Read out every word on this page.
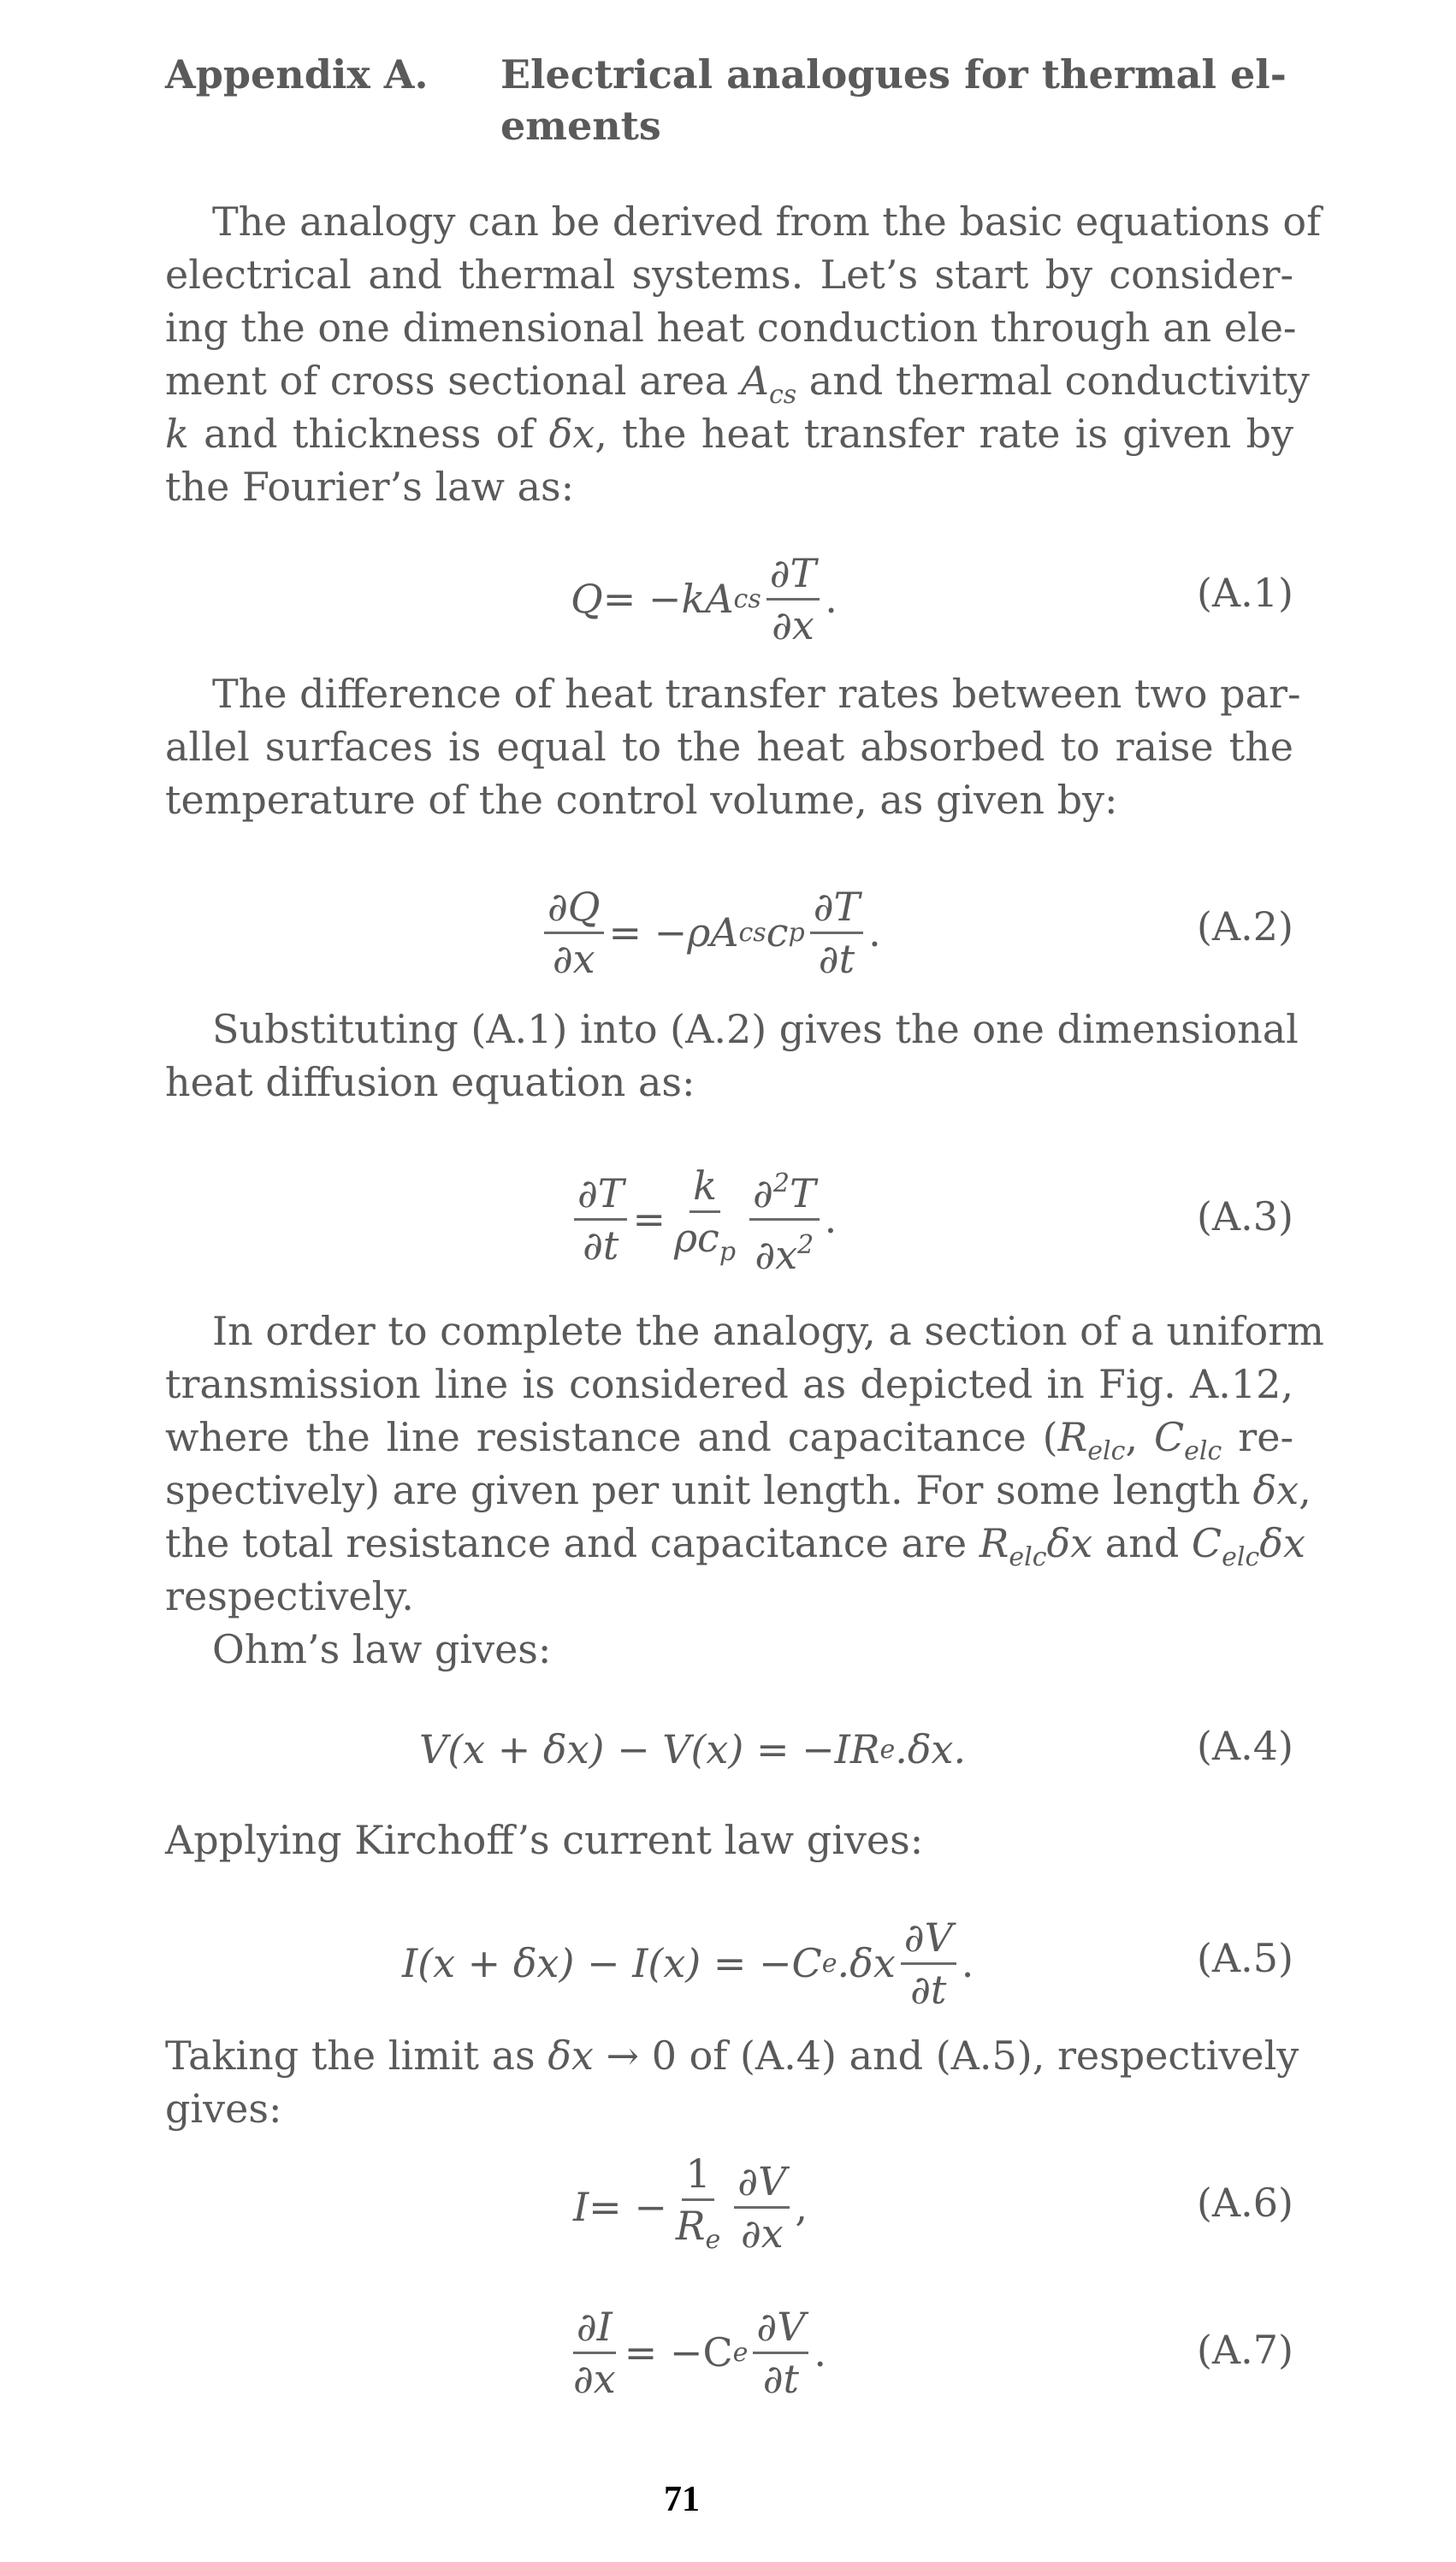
Appendix A. Electrical analogues for thermal el-
ements
The analogy can be derived from the basic equations of
electrical and thermal systems. Let’s start by consider-
ing the one dimensional heat conduction through an ele-
ment of cross sectional area $A_{cs}$ and thermal conductivity
k and thickness of δx, the heat transfer rate is given by
the Fourier’s law as:
Q = − k A cs $\frac{\partial T}{\partial x}$ .	(A.1)
The difference of heat transfer rates between two par-
allel surfaces is equal to the heat absorbed to raise the
temperature of the control volume, as given by:
$\frac{\partial Q}{\partial x}$ = − ρ A cs c p $\frac{\partial T}{\partial t}$ .	(A.2)
Substituting (A.1) into (A.2) gives the one dimensional
heat diffusion equation as:
$\frac{\partial T}{\partial t} = \frac{k}{\rho c_p} \frac{\partial^2T}{\partial x^2}$ .	(A.3)
In order to complete the analogy, a section of a uniform
transmission line is considered as depicted in Fig. A.12,
where the line resistance and capacitance ($R_{elc}$, $C_{elc}$ re-
spectively) are given per unit length. For some length δx,
the total resistance and capacitance are $R_{elc}\delta x$ and $C_{elc}\delta x$
respectively.
Ohm’s law gives:
V(x + δx) − V(x) = −IR e .δx.	(A.4)
Applying Kirchoff’s current law gives:
I(x + δx) − I(x) = −C e $.\delta x \frac{\partial V}{\partial t}$ .	(A.5)
Taking the limit as δx → 0 of (A.4) and (A.5), respectively
gives:
I = − $\frac{1}{R_e} \frac{\partial V}{\partial x}$ ,	(A.6)
$\frac{\partial I}{\partial x} = -C$ e $\frac{\partial V}{\partial t}$ .	(A.7)
71
